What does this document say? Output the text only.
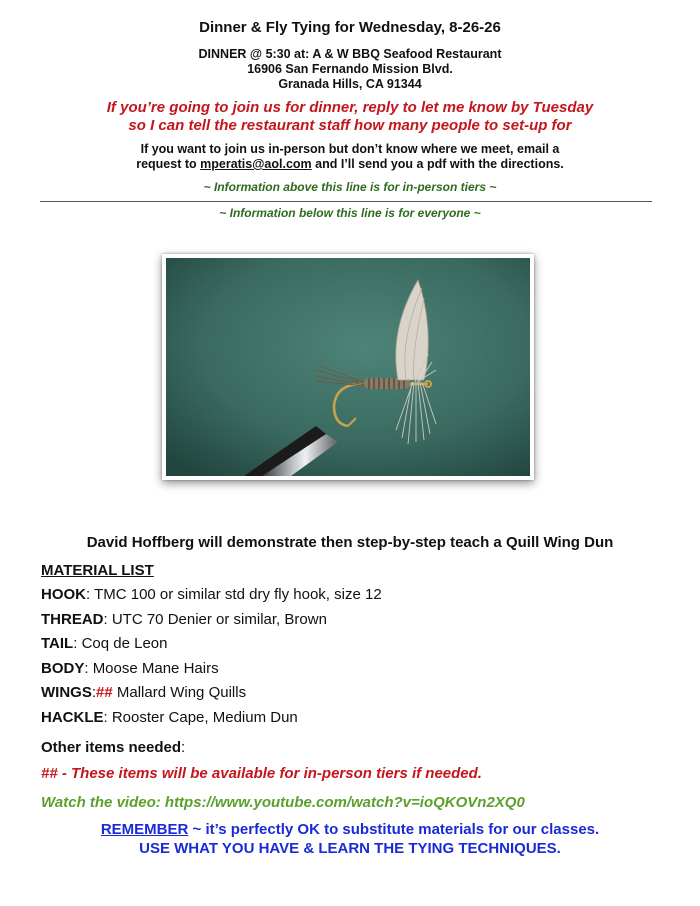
Dinner & Fly Tying for Wednesday, 8-26-26
DINNER @ 5:30 at: A & W BBQ Seafood Restaurant
16906 San Fernando Mission Blvd.
Granada Hills, CA 91344
If you’re going to join us for dinner, reply to let me know by Tuesday
so I can tell the restaurant staff how many people to set-up for
If you want to join us in-person but don’t know where we meet, email a
request to mperatis@aol.com and I’ll send you a pdf with the directions.
~ Information above this line is for in-person tiers ~
~ Information below this line is for everyone ~
David Hoffberg will demonstrate then step-by-step teach a Quill Wing Dun
MATERIAL LIST
HOOK: TMC 100 or similar std dry fly hook, size 12
THREAD: UTC 70 Denier or similar, Brown
TAIL: Coq de Leon
BODY: Moose Mane Hairs
WINGS:## Mallard Wing Quills
HACKLE: Rooster Cape, Medium Dun
Other items needed:
## - These items will be available for in-person tiers if needed.
Watch the video: https://www.youtube.com/watch?v=ioQKOVn2XQ0
REMEMBER ~ it’s perfectly OK to substitute materials for our classes.
USE WHAT YOU HAVE & LEARN THE TYING TECHNIQUES.
